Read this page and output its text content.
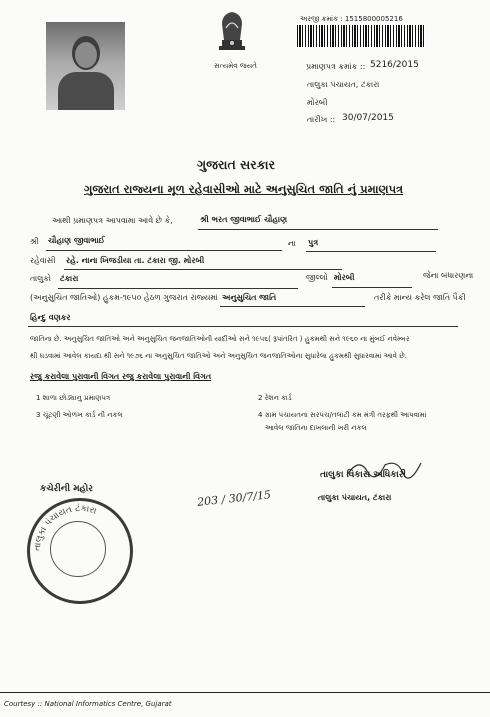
સત્યમેવ જયતે
અરજી ક્રમાંક : 1515800005216
પ્રમાણપત્ર ક્રમાંક :: 5216/2015
તાલુકા પંચાયત, ટંકારા
મોરબી
તારીખ :: 30/07/2015
ગુજરાત સરકાર
ગુજરાત રાજ્યના મૂળ રહેવાસીઓ માટે અનુસુચિત જાતિ નું પ્રમાણપત્ર
આથી પ્રમાણપત્ર આપવામા આવે છે કે,	શ્રી ભરત જીવાભાઈ ચૌહાણ
શ્રી ચૌહાણ જીવાભાઈ	ના પુત્ર
રહેવાસી રહે. નાના ખિજડીયા તા. ટંકારા જી. મોરબી
તાલુકો ટંકારા	જીલ્લો મોરબી	જેના બંધારણના
(અનુસુચિત જાતિઓ) હુકમ-૧૯૫૦ હેઠળ ગુજરાત રાજ્યમાં અનુસુચિત જાતિ	તરીકે માન્ય કરેલ જાતિ પૈકી
હિન્દુ વણકર
જાતિના છે. અનુસુચિત જાતિઓ અને અનુસુચિત જનજાતિઓની યાદીઓ સને ૧૯૫૬( રૂપાંતરિત ) હુકમથી સને ૧૯૬૦ ના મુંબઈ નવેમ્બર
થી ઘડવામાં આવેલ કાયદા થી સને ૧૯૭૬ ના અનુસુચિત જાતિઓ અને અનુસુચિત જનજાતિઓના સુધારેલા હુકમથી સુધારવામાં આવે છે.
રજુ કરાવેલા પુરાવાની વિગત રજુ કરાવેલા પુરાવાની વિગત
1 શાળા છોડ્યાનુ પ્રમાણપત્ર	2 રેશન કાર્ડ
3 ચૂંટણી ઓળખ કાર્ડ ની નકલ	4 ગ્રામ પંચાયતના સરપંચ/તલાટી કમ મંત્રી તરફથી આપવામાં
આવેલ જાતિના દાખલાની ખરી નકલ
તાલુકા વિકાસ અધિકારી
તાલુકા પંચાયત, ટંકારા
કચેરીની મહોર	203 / 30/7/15
તાલુકા પંચાયત ટંકારા
Courtesy :: National Informatics Centre, Gujarat
